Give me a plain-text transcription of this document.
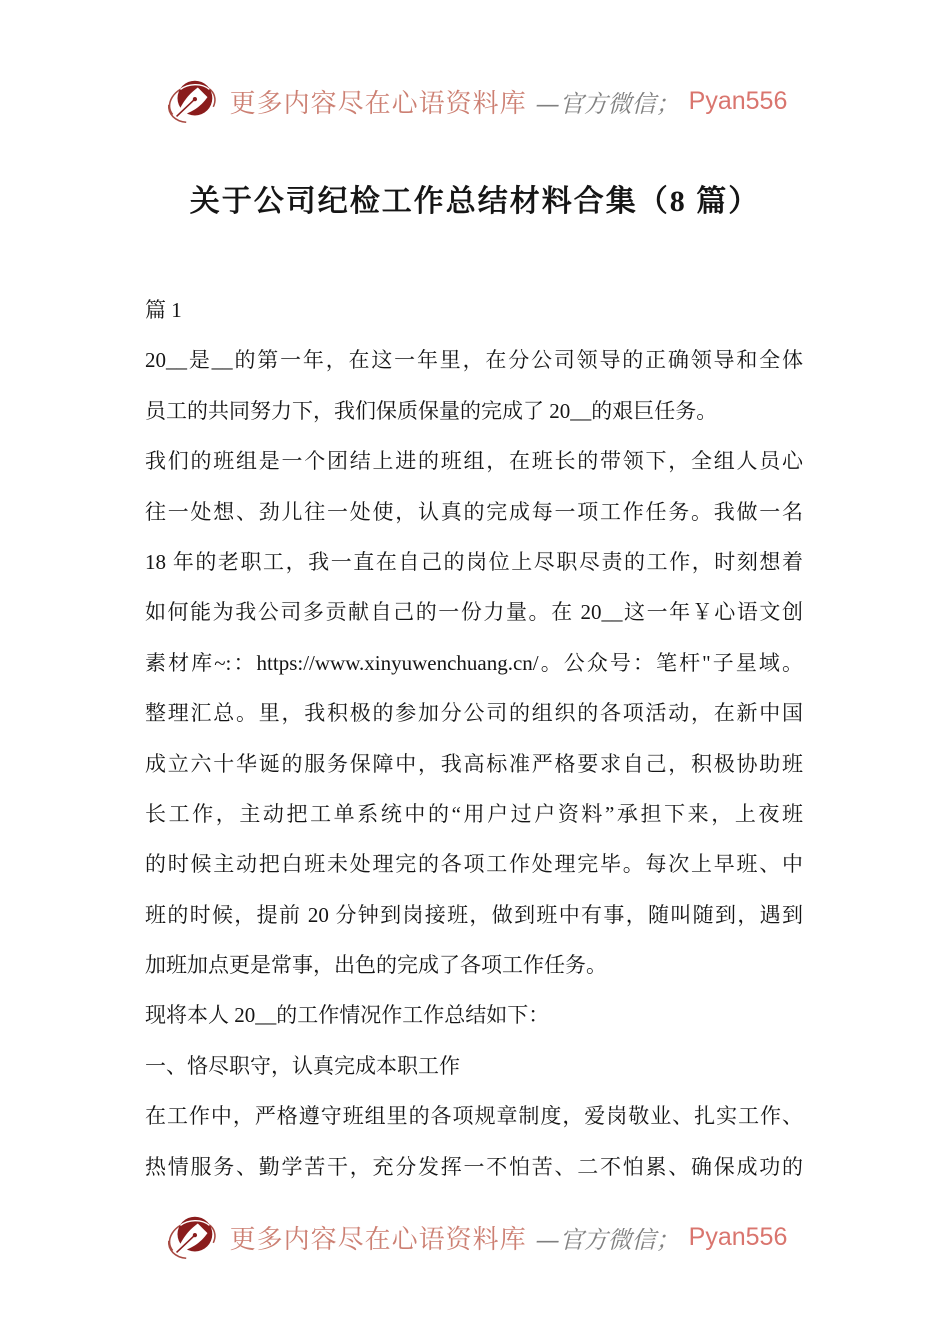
更多内容尽在心语资料库 —官方微信； Pyan556
关于公司纪检工作总结材料合集（8 篇）
篇 1
20__是__的第一年，在这一年里，在分公司领导的正确领导和全体
员工的共同努力下，我们保质保量的完成了 20__的艰巨任务。
我们的班组是一个团结上进的班组，在班长的带领下，全组人员心
往一处想、劲儿往一处使，认真的完成每一项工作任务。我做一名
18 年的老职工，我一直在自己的岗位上尽职尽责的工作，时刻想着
如何能为我公司多贡献自己的一份力量。在 20__这一年￥心语文创
素材库~:：https://www.xinyuwenchuang.cn/。公众号：笔杆"子星域。
整理汇总。里，我积极的参加分公司的组织的各项活动，在新中国
成立六十华诞的服务保障中，我高标准严格要求自己，积极协助班
长工作，主动把工单系统中的“用户过户资料”承担下来，上夜班
的时候主动把白班未处理完的各项工作处理完毕。每次上早班、中
班的时候，提前 20 分钟到岗接班，做到班中有事，随叫随到，遇到
加班加点更是常事，出色的完成了各项工作任务。
现将本人 20__的工作情况作工作总结如下：
一、恪尽职守，认真完成本职工作
在工作中，严格遵守班组里的各项规章制度，爱岗敬业、扎实工作、
热情服务、勤学苦干，充分发挥一不怕苦、二不怕累、确保成功的
更多内容尽在心语资料库 —官方微信； Pyan556
